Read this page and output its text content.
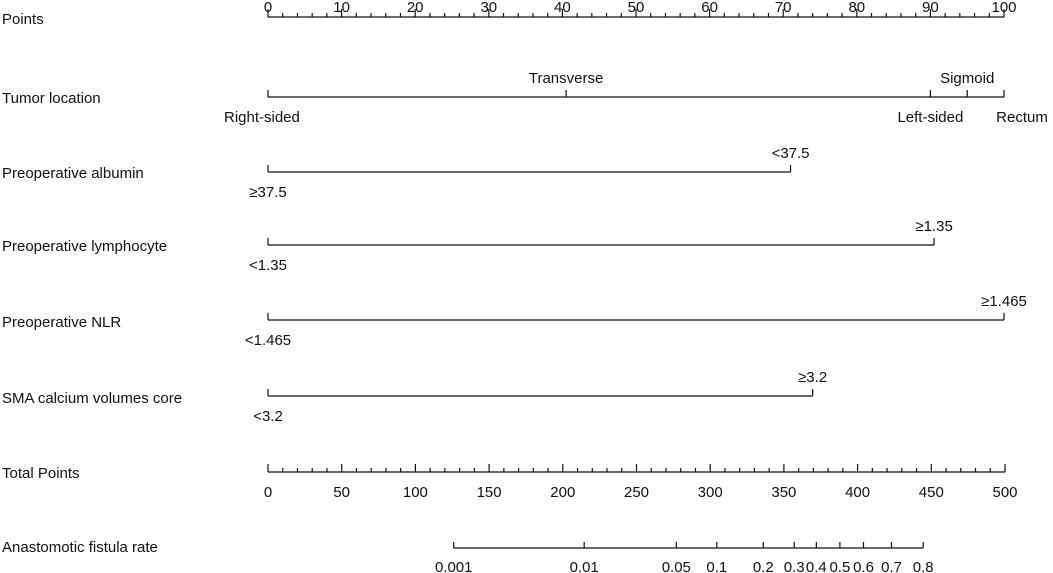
Points
0	10	20	30	40	50	60	70	80	90	100
Tumor location
Right-sided
Transverse
Left-sided
Sigmoid
Rectum
Preoperative albumin
≥37.5
<37.5
Preoperative lymphocyte
<1.35
≥1.35
Preoperative NLR
<1.465
≥1.465
SMA calcium volumes core
<3.2
≥3.2
Total Points
0	50	100	150	200	250	300	350	400	450	500
Anastomotic fistula rate
0.001	0.01	0.05 0.1 0.2 0.3 0.4 0.5 0.6 0.7 0.8
